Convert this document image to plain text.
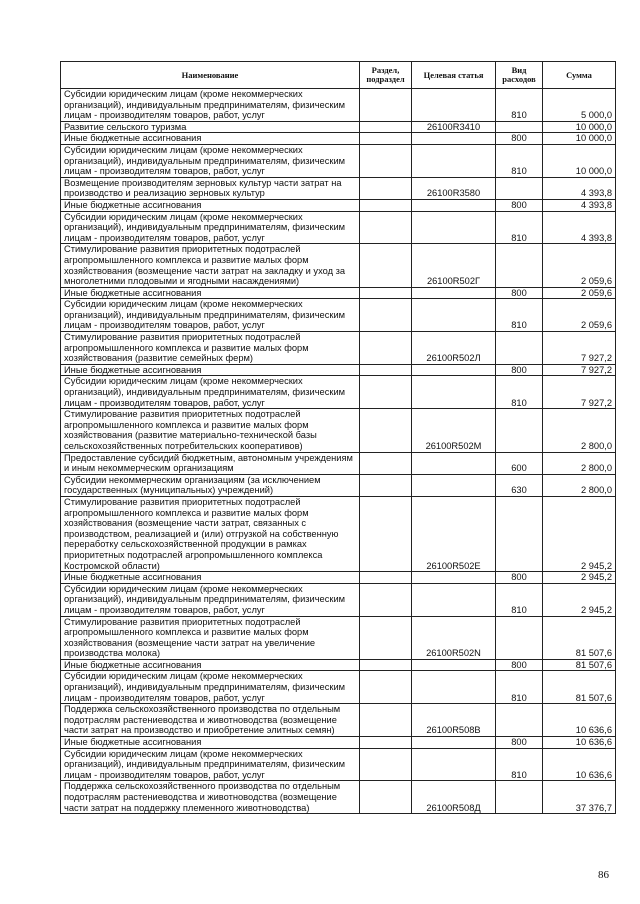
Наименование	Раздел, подраздел	Целевая статья	Вид расходов	Сумма
Субсидии юридическим лицам (кроме некоммерческих организаций), индивидуальным предпринимателям, физическим лицам - производителям товаров, работ, услуг			810	5 000,0
Развитие сельского туризма		26100R3410		10 000,0
Иные бюджетные ассигнования			800	10 000,0
Субсидии юридическим лицам (кроме некоммерческих организаций), индивидуальным предпринимателям, физическим лицам - производителям товаров, работ, услуг			810	10 000,0
Возмещение производителям зерновых культур части затрат на производство и реализацию зерновых культур		26100R3580		4 393,8
Иные бюджетные ассигнования			800	4 393,8
Субсидии юридическим лицам (кроме некоммерческих организаций), индивидуальным предпринимателям, физическим лицам - производителям товаров, работ, услуг			810	4 393,8
Стимулирование развития приоритетных подотраслей агропромышленного комплекса и развитие малых форм хозяйствования (возмещение части затрат на закладку и уход за многолетними плодовыми и ягодными насаждениями)		26100R502Г		2 059,6
Иные бюджетные ассигнования			800	2 059,6
Субсидии юридическим лицам (кроме некоммерческих организаций), индивидуальным предпринимателям, физическим лицам - производителям товаров, работ, услуг			810	2 059,6
Стимулирование развития приоритетных подотраслей агропромышленного комплекса и развитие малых форм хозяйствования (развитие семейных ферм)		26100R502Л		7 927,2
Иные бюджетные ассигнования			800	7 927,2
Субсидии юридическим лицам (кроме некоммерческих организаций), индивидуальным предпринимателям, физическим лицам - производителям товаров, работ, услуг			810	7 927,2
Стимулирование развития приоритетных подотраслей агропромышленного комплекса и развитие малых форм хозяйствования (развитие материально-технической базы сельскохозяйственных потребительских кооперативов)		26100R502М		2 800,0
Предоставление субсидий бюджетным, автономным учреждениям и иным некоммерческим организациям			600	2 800,0
Субсидии некоммерческим организациям (за исключением государственных (муниципальных) учреждений)			630	2 800,0
Стимулирование развития приоритетных подотраслей агропромышленного комплекса и развитие малых форм хозяйствования (возмещение части затрат, связанных с производством, реализацией и (или) отгрузкой на собственную переработку сельскохозяйственной продукции в рамках приоритетных подотраслей агропромышленного комплекса Костромской области)		26100R502Е		2 945,2
Иные бюджетные ассигнования			800	2 945,2
Субсидии юридическим лицам (кроме некоммерческих организаций), индивидуальным предпринимателям, физическим лицам - производителям товаров, работ, услуг			810	2 945,2
Стимулирование развития приоритетных подотраслей агропромышленного комплекса и развитие малых форм хозяйствования (возмещение части затрат на увеличение производства молока)		26100R502N		81 507,6
Иные бюджетные ассигнования			800	81 507,6
Субсидии юридическим лицам (кроме некоммерческих организаций), индивидуальным предпринимателям, физическим лицам - производителям товаров, работ, услуг			810	81 507,6
Поддержка сельскохозяйственного производства по отдельным подотраслям растениеводства и животноводства (возмещение части затрат на производство и приобретение элитных семян)		26100R508В		10 636,6
Иные бюджетные ассигнования			800	10 636,6
Субсидии юридическим лицам (кроме некоммерческих организаций), индивидуальным предпринимателям, физическим лицам - производителям товаров, работ, услуг			810	10 636,6
Поддержка сельскохозяйственного производства по отдельным подотраслям растениеводства и животноводства (возмещение части затрат на поддержку племенного животноводства)		26100R508Д		37 376,7
86
